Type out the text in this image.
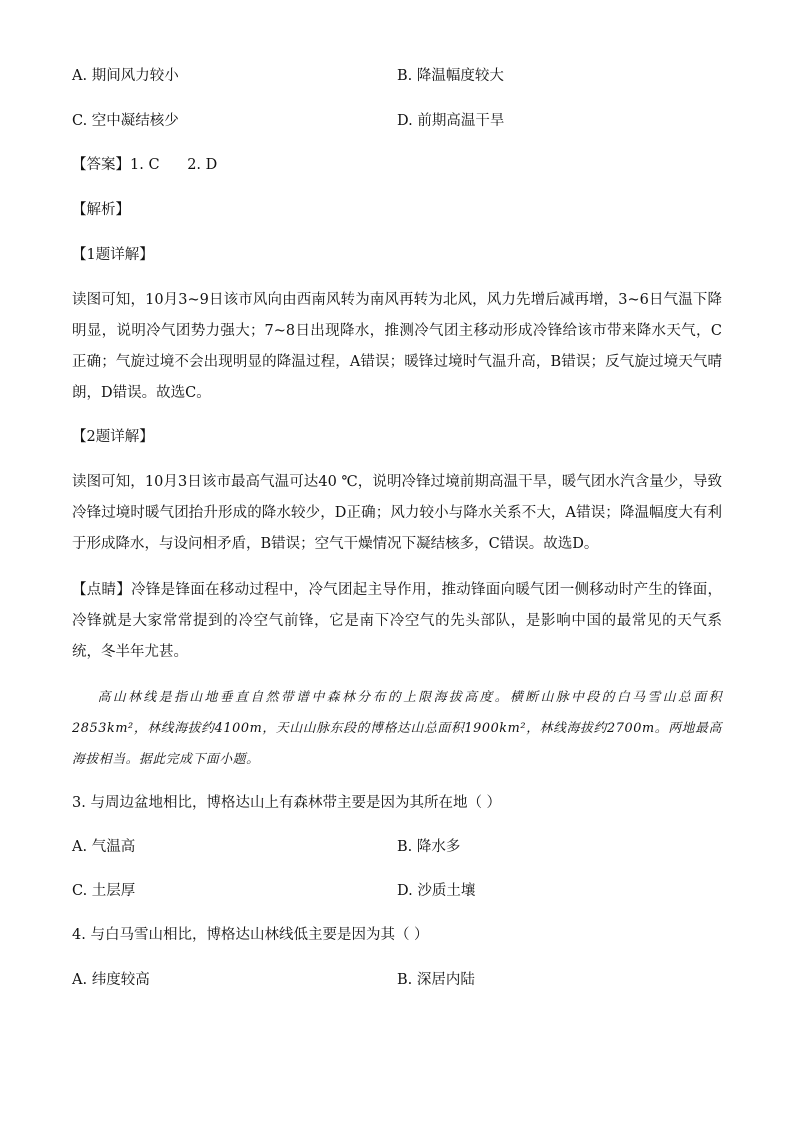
A. 期间风力较小	B. 降温幅度较大
C. 空中凝结核少	D. 前期高温干旱
【答案】1. C      2. D
【解析】
【1题详解】
读图可知，10月3~9日该市风向由西南风转为南风再转为北风，风力先增后减再增，3~6日气温下降明显，说明冷气团势力强大；7~8日出现降水，推测冷气团主移动形成冷锋给该市带来降水天气，C正确；气旋过境不会出现明显的降温过程，A错误；暖锋过境时气温升高，B错误；反气旋过境天气晴朗，D错误。故选C。
【2题详解】
读图可知，10月3日该市最高气温可达40 ℃，说明冷锋过境前期高温干旱，暖气团水汽含量少，导致冷锋过境时暖气团抬升形成的降水较少，D正确；风力较小与降水关系不大，A错误；降温幅度大有利于形成降水，与设问相矛盾，B错误；空气干燥情况下凝结核多，C错误。故选D。
【点睛】冷锋是锋面在移动过程中，冷气团起主导作用，推动锋面向暖气团一侧移动时产生的锋面，冷锋就是大家常常提到的冷空气前锋，它是南下冷空气的先头部队，是影响中国的最常见的天气系统，冬半年尤甚。
高山林线是指山地垂直自然带谱中森林分布的上限海拔高度。横断山脉中段的白马雪山总面积2853km²，林线海拔约4100m，天山山脉东段的博格达山总面积1900km²，林线海拔约2700m。两地最高海拔相当。据此完成下面小题。
3. 与周边盆地相比，博格达山上有森林带主要是因为其所在地（ ）
A. 气温高	B. 降水多
C. 土层厚	D. 沙质土壤
4. 与白马雪山相比，博格达山林线低主要是因为其（ ）
A. 纬度较高	B. 深居内陆
